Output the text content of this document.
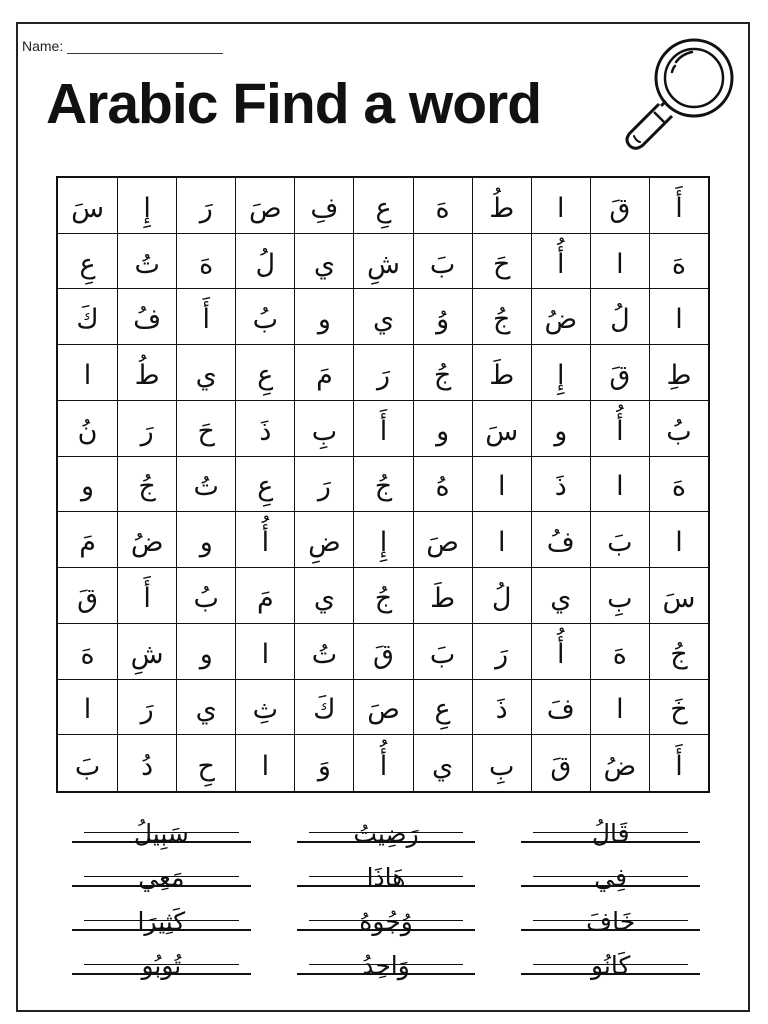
Name: ____________________
Arabic Find a word
أَ
قَ
ا
طُ
هَ
عِ
فِ
صَ
رَ
إِ
سَ
هَ
ا
أُ
حَ
بَ
شِ
ي
لُ
هَ
تُ
عِ
ا
لُ
ضُ
جُ
وُ
ي
و
بُ
أَ
فُ
كَ
طِ
قَ
إِ
طَ
جُ
رَ
مَ
عِ
ي
طُ
ا
بُ
أُ
و
سَ
و
أَ
بِ
ذَ
حَ
رَ
نُ
هَ
ا
ذَ
ا
هُ
جُ
رَ
عِ
تُ
جُ
و
ا
بَ
فُ
ا
صَ
إِ
ضِ
أُ
و
ضُ
مَ
سَ
بِ
ي
لُ
طَ
جُ
ي
مَ
بُ
أَ
قَ
جُ
هَ
أُ
رَ
بَ
قَ
تُ
ا
و
شِ
هَ
خَ
ا
فَ
ذَ
عِ
صَ
كَ
ثِ
ي
رَ
ا
أَ
ضُ
قَ
بِ
ي
أُ
وَ
ا
حِ
دُ
بَ
قَالُ
رَضِيتُ
سَبِيلُ
فِي
هَاذَا
مَعِي
خَافَ
وُجُوهُ
كَثِيرَا
كَانُو
وَاحِدُ
تُوبُو
